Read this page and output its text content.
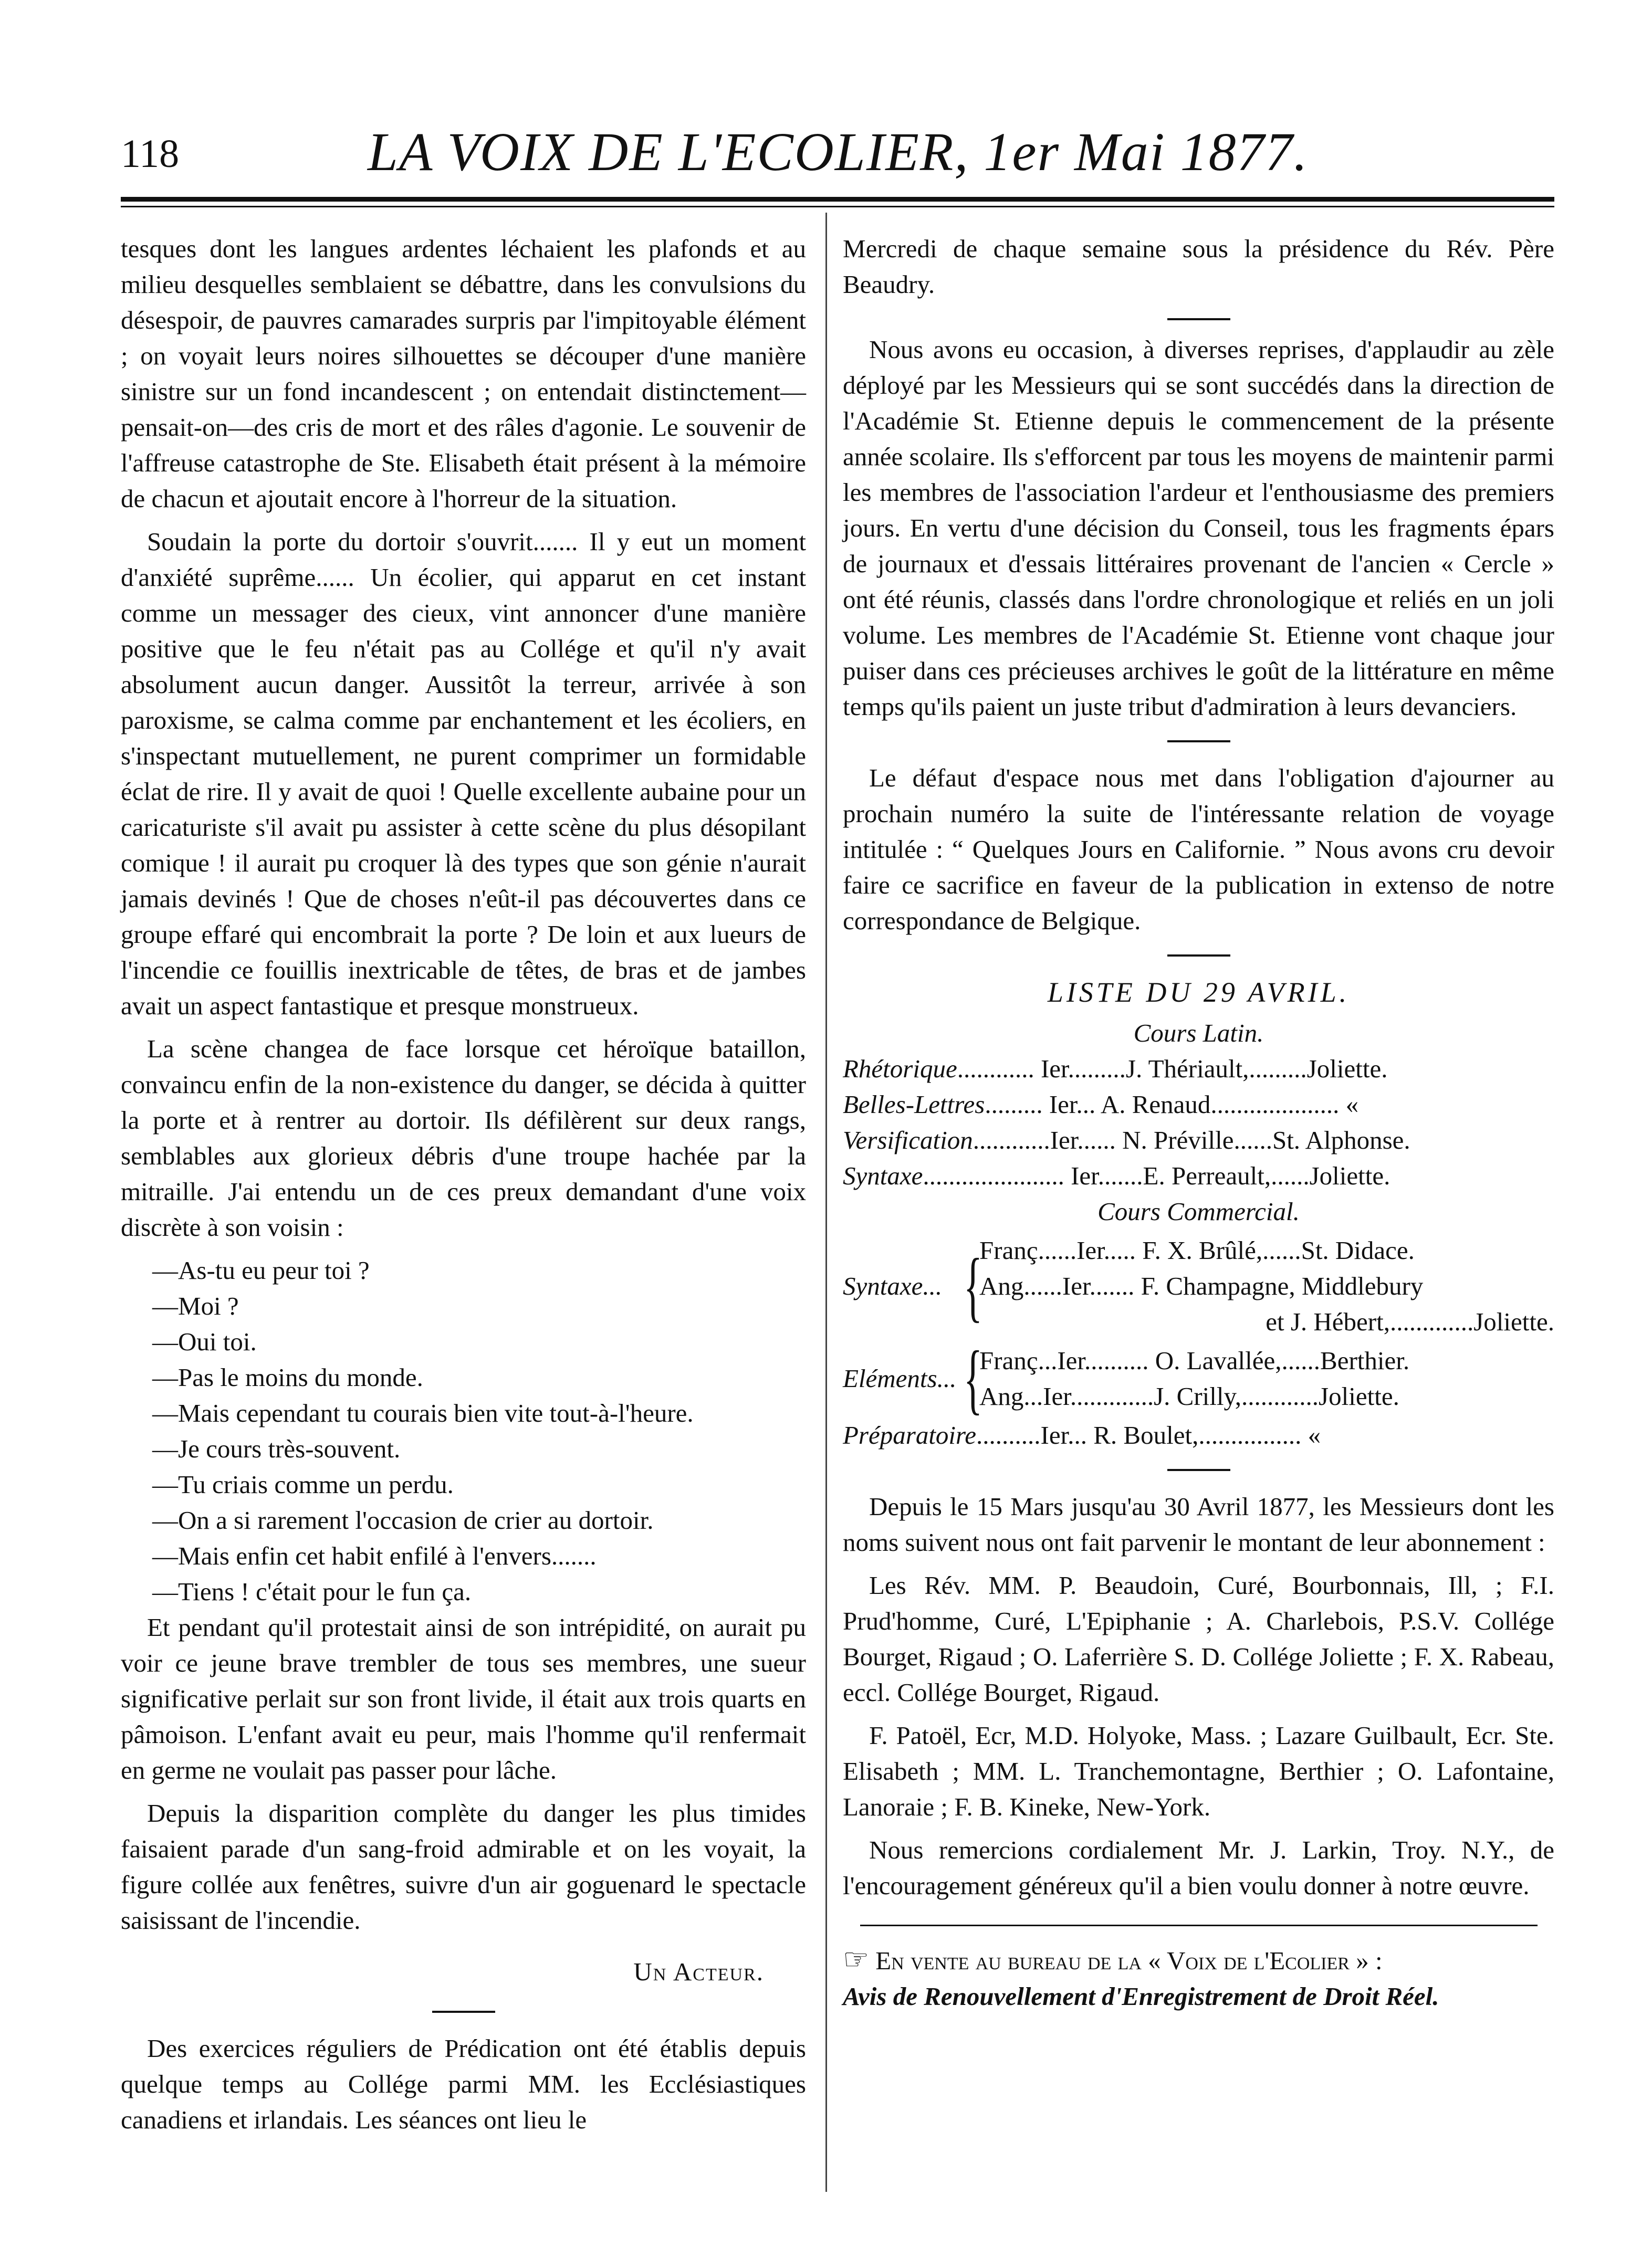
118	LA VOIX DE L'ECOLIER, 1er Mai 1877.

tesques dont les langues ardentes léchaient les plafonds et au milieu desquelles semblaient se débattre, dans les convulsions du désespoir, de pauvres camarades surpris par l'impitoyable élément ; on voyait leurs noires silhouettes se découper d'une manière sinistre sur un fond incandescent ; on entendait distinctement—pensait-on—des cris de mort et des râles d'agonie. Le souvenir de l'affreuse catastrophe de Ste. Elisabeth était présent à la mémoire de chacun et ajoutait encore à l'horreur de la situation.

Soudain la porte du dortoir s'ouvrit....... Il y eut un moment d'anxiété suprême...... Un écolier, qui apparut en cet instant comme un messager des cieux, vint annoncer d'une manière positive que le feu n'était pas au Collége et qu'il n'y avait absolument aucun danger. Aussitôt la terreur, arrivée à son paroxisme, se calma comme par enchantement et les écoliers, en s'inspectant mutuellement, ne purent comprimer un formidable éclat de rire. Il y avait de quoi ! Quelle excellente aubaine pour un caricaturiste s'il avait pu assister à cette scène du plus désopilant comique ! il aurait pu croquer là des types que son génie n'aurait jamais devinés ! Que de choses n'eût-il pas découvertes dans ce groupe effaré qui encombrait la porte ? De loin et aux lueurs de l'incendie ce fouillis inextricable de têtes, de bras et de jambes avait un aspect fantastique et presque monstrueux.

La scène changea de face lorsque cet héroïque bataillon, convaincu enfin de la non-existence du danger, se décida à quitter la porte et à rentrer au dortoir. Ils défilèrent sur deux rangs, semblables aux glorieux débris d'une troupe hachée par la mitraille. J'ai entendu un de ces preux demandant d'une voix discrète à son voisin :

—As-tu eu peur toi ?
—Moi ?
—Oui toi.
—Pas le moins du monde.
—Mais cependant tu courais bien vite tout-à-l'heure.
—Je cours très-souvent.
—Tu criais comme un perdu.
—On a si rarement l'occasion de crier au dortoir.
—Mais enfin cet habit enfilé à l'envers.......
—Tiens ! c'était pour le fun ça.

Et pendant qu'il protestait ainsi de son intrépidité, on aurait pu voir ce jeune brave trembler de tous ses membres, une sueur significative perlait sur son front livide, il était aux trois quarts en pâmoison. L'enfant avait eu peur, mais l'homme qu'il renfermait en germe ne voulait pas passer pour lâche.

Depuis la disparition complète du danger les plus timides faisaient parade d'un sang-froid admirable et on les voyait, la figure collée aux fenêtres, suivre d'un air goguenard le spectacle saisissant de l'incendie.

Un Acteur.

Des exercices réguliers de Prédication ont été établis depuis quelque temps au Collége parmi MM. les Ecclésiastiques canadiens et irlandais. Les séances ont lieu le

Mercredi de chaque semaine sous la présidence du Rév. Père Beaudry.

Nous avons eu occasion, à diverses reprises, d'applaudir au zèle déployé par les Messieurs qui se sont succédés dans la direction de l'Académie St. Etienne depuis le commencement de la présente année scolaire. Ils s'efforcent par tous les moyens de maintenir parmi les membres de l'association l'ardeur et l'enthousiasme des premiers jours. En vertu d'une décision du Conseil, tous les fragments épars de journaux et d'essais littéraires provenant de l'ancien « Cercle » ont été réunis, classés dans l'ordre chronologique et reliés en un joli volume. Les membres de l'Académie St. Etienne vont chaque jour puiser dans ces précieuses archives le goût de la littérature en même temps qu'ils paient un juste tribut d'admiration à leurs devanciers.

Le défaut d'espace nous met dans l'obligation d'ajourner au prochain numéro la suite de l'intéressante relation de voyage intitulée : “ Quelques Jours en Californie. ” Nous avons cru devoir faire ce sacrifice en faveur de la publication in extenso de notre correspondance de Belgique.

LISTE DU 29 AVRIL.
Cours Latin.
Rhétorique............ Ier.........J. Thériault,.........Joliette.
Belles-Lettres......... Ier... A. Renaud.................... «
Versification............Ier...... N. Préville......St. Alphonse.
Syntaxe...................... Ier.......E. Perreault,......Joliette.
Cours Commercial.
Syntaxe... {
Franç......Ier..... F. X. Brûlé,......St. Didace.
Ang......Ier....... F. Champagne, Middlebury
et J. Hébert,.............Joliette.
Eléments... {
Franç...Ier.......... O. Lavallée,......Berthier.
Ang...Ier.............J. Crilly,............Joliette.
Préparatoire..........Ier... R. Boulet,................ «

Depuis le 15 Mars jusqu'au 30 Avril 1877, les Messieurs dont les noms suivent nous ont fait parvenir le montant de leur abonnement :

Les Rév. MM. P. Beaudoin, Curé, Bourbonnais, Ill, ; F.I. Prud'homme, Curé, L'Epiphanie ; A. Charlebois, P.S.V. Collége Bourget, Rigaud ; O. Laferrière S. D. Collége Joliette ; F. X. Rabeau, eccl. Collége Bourget, Rigaud.

F. Patoël, Ecr, M.D. Holyoke, Mass. ; Lazare Guilbault, Ecr. Ste. Elisabeth ; MM. L. Tranchemontagne, Berthier ; O. Lafontaine, Lanoraie ; F. B. Kineke, New-York.

Nous remercions cordialement Mr. J. Larkin, Troy. N.Y., de l'encouragement généreux qu'il a bien voulu donner à notre œuvre.

☞ En vente au bureau de la « Voix de l'Ecolier » :
Avis de Renouvellement d'Enregistrement de Droit Réel.
